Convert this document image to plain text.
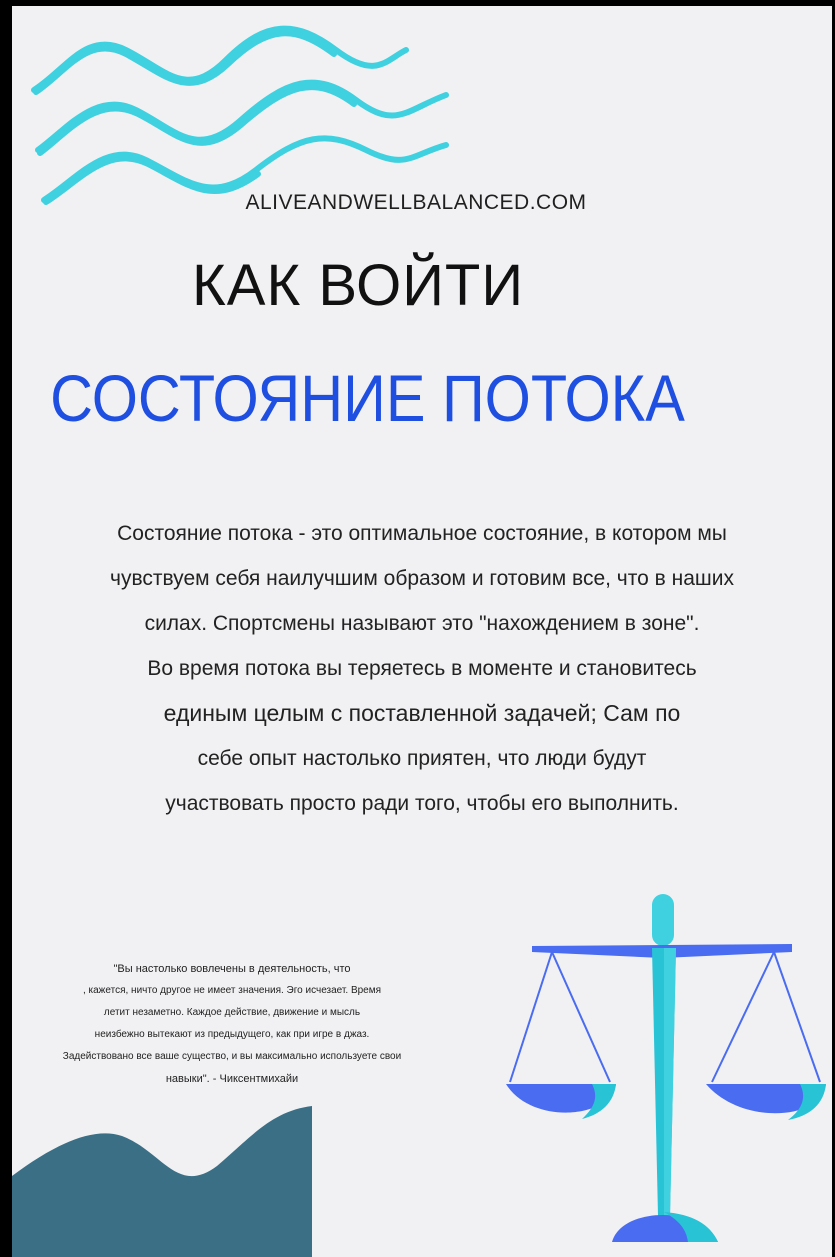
ALIVEANDWELLBALANCED.COM
КАК ВОЙТИ
СОСТОЯНИЕ ПОТОКА
Состояние потока - это оптимальное состояние, в котором мы
чувствуем себя наилучшим образом и готовим все, что в наших
силах. Спортсмены называют это "нахождением в зоне".
Во время потока вы теряетесь в моменте и становитесь
единым целым с поставленной задачей; Сам по
себе опыт настолько приятен, что люди будут
участвовать просто ради того, чтобы его выполнить.
"Вы настолько вовлечены в деятельность, что
, кажется, ничто другое не имеет значения. Эго исчезает. Время
летит незаметно. Каждое действие, движение и мысль
неизбежно вытекают из предыдущего, как при игре в джаз.
Задействовано все ваше существо, и вы максимально используете свои
навыки". - Чиксентмихайи
